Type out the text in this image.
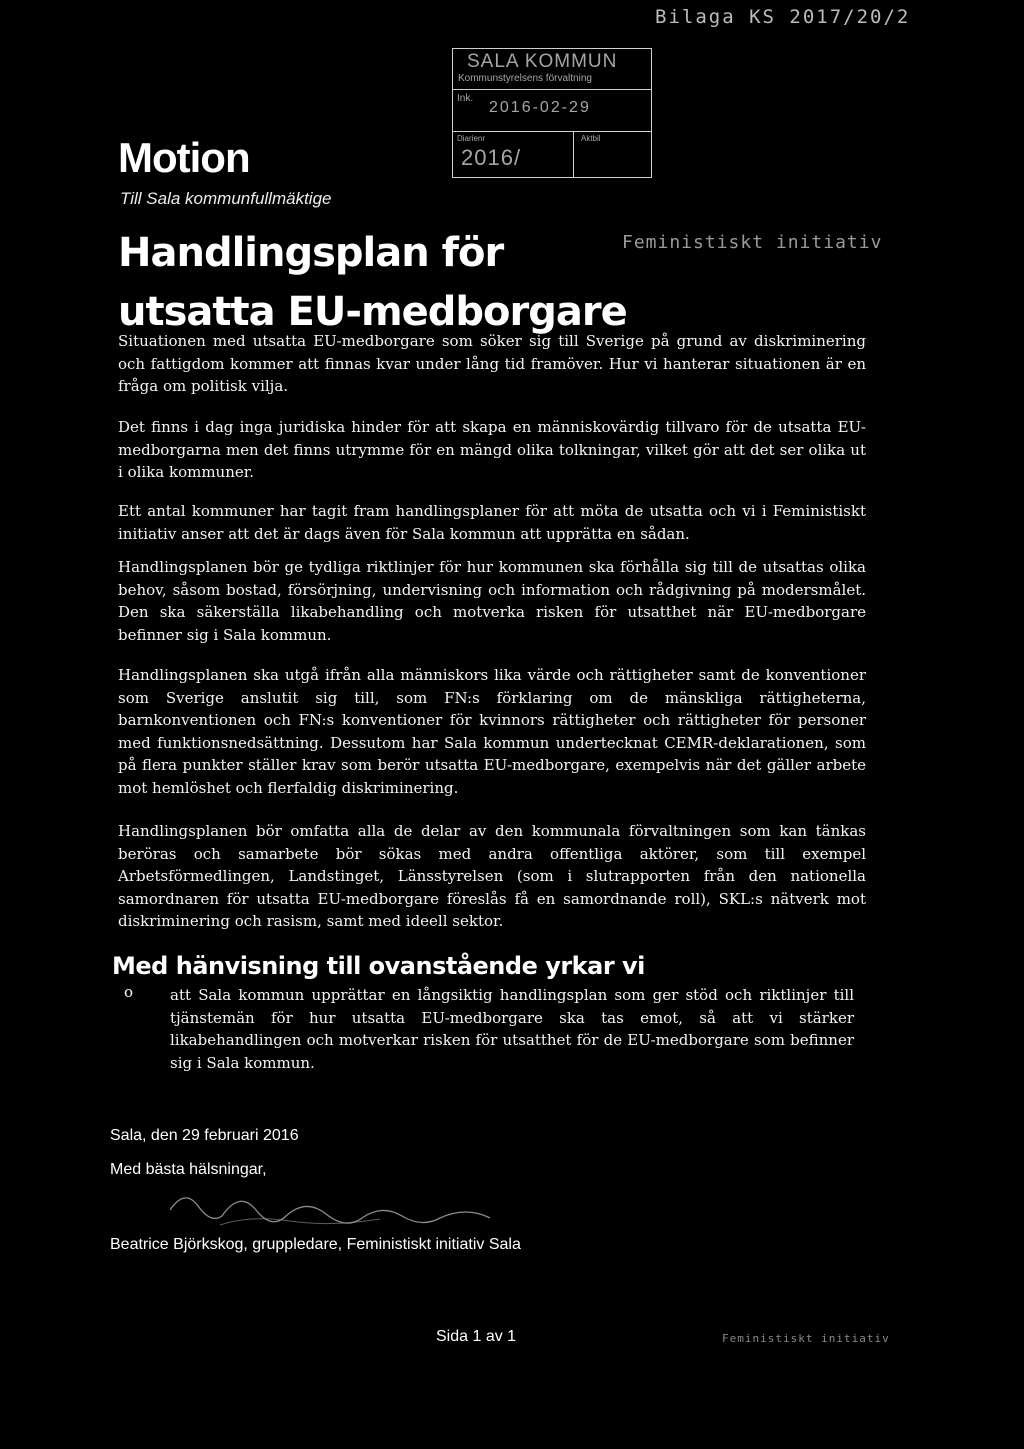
Bilaga KS 2017/20/2
SALA KOMMUN
Kommunstyrelsens förvaltning
Ink.
2016-02-29
Diarienr	Aktbil
2016/
Motion
Till Sala kommunfullmäktige
Handlingsplan för
utsatta EU-medborgare
Feministiskt initiativ
Situationen med utsatta EU-medborgare som söker sig till Sverige på grund av diskriminering och fattigdom kommer att finnas kvar under lång tid framöver. Hur vi hanterar situationen är en fråga om politisk vilja.
Det finns i dag inga juridiska hinder för att skapa en människovärdig tillvaro för de utsatta EU-medborgarna men det finns utrymme för en mängd olika tolkningar, vilket gör att det ser olika ut i olika kommuner.
Ett antal kommuner har tagit fram handlingsplaner för att möta de utsatta och vi i Feministiskt initiativ anser att det är dags även för Sala kommun att upprätta en sådan.
Handlingsplanen bör ge tydliga riktlinjer för hur kommunen ska förhålla sig till de utsattas olika behov, såsom bostad, försörjning, undervisning och information och rådgivning på modersmålet. Den ska säkerställa likabehandling och motverka risken för utsatthet när EU-medborgare befinner sig i Sala kommun.
Handlingsplanen ska utgå ifrån alla människors lika värde och rättigheter samt de konventioner som Sverige anslutit sig till, som FN:s förklaring om de mänskliga rättigheterna, barnkonventionen och FN:s konventioner för kvinnors rättigheter och rättigheter för personer med funktionsnedsättning. Dessutom har Sala kommun undertecknat CEMR-deklarationen, som på flera punkter ställer krav som berör utsatta EU-medborgare, exempelvis när det gäller arbete mot hemlöshet och flerfaldig diskriminering.
Handlingsplanen bör omfatta alla de delar av den kommunala förvaltningen som kan tänkas beröras och samarbete bör sökas med andra offentliga aktörer, som till exempel Arbetsförmedlingen, Landstinget, Länsstyrelsen (som i slutrapporten från den nationella samordnaren för utsatta EU-medborgare föreslås få en samordnande roll), SKL:s nätverk mot diskriminering och rasism, samt med ideell sektor.
Med hänvisning till ovanstående yrkar vi
o att Sala kommun upprättar en långsiktig handlingsplan som ger stöd och riktlinjer till tjänstemän för hur utsatta EU-medborgare ska tas emot, så att vi stärker likabehandlingen och motverkar risken för utsatthet för de EU-medborgare som befinner sig i Sala kommun.
Sala, den 29 februari 2016
Med bästa hälsningar,
Beatrice Björkskog, gruppledare, Feministiskt initiativ Sala
Sida 1 av 1	Feministiskt initiativ
